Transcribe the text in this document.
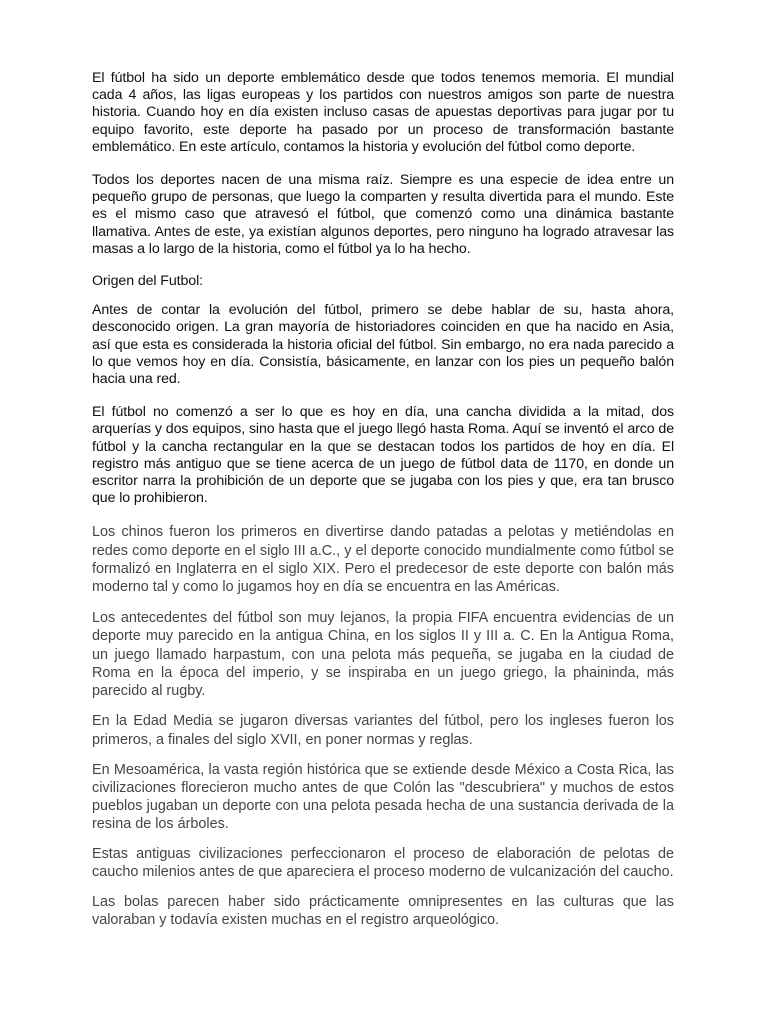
El fútbol ha sido un deporte emblemático desde que todos tenemos memoria. El mundial cada 4 años, las ligas europeas y los partidos con nuestros amigos son parte de nuestra historia. Cuando hoy en día existen incluso casas de apuestas deportivas para jugar por tu equipo favorito, este deporte ha pasado por un proceso de transformación bastante emblemático. En este artículo, contamos la historia y evolución del fútbol como deporte.

Todos los deportes nacen de una misma raíz. Siempre es una especie de idea entre un pequeño grupo de personas, que luego la comparten y resulta divertida para el mundo. Este es el mismo caso que atravesó el fútbol, que comenzó como una dinámica bastante llamativa. Antes de este, ya existían algunos deportes, pero ninguno ha logrado atravesar las masas a lo largo de la historia, como el fútbol ya lo ha hecho.

Origen del Futbol:

Antes de contar la evolución del fútbol, primero se debe hablar de su, hasta ahora, desconocido origen. La gran mayoría de historiadores coinciden en que ha nacido en Asia, así que esta es considerada la historia oficial del fútbol. Sin embargo, no era nada parecido a lo que vemos hoy en día. Consistía, básicamente, en lanzar con los pies un pequeño balón hacia una red.

El fútbol no comenzó a ser lo que es hoy en día, una cancha dividida a la mitad, dos arquerías y dos equipos, sino hasta que el juego llegó hasta Roma. Aquí se inventó el arco de fútbol y la cancha rectangular en la que se destacan todos los partidos de hoy en día. El registro más antiguo que se tiene acerca de un juego de fútbol data de 1170, en donde un escritor narra la prohibición de un deporte que se jugaba con los pies y que, era tan brusco que lo prohibieron.

Los chinos fueron los primeros en divertirse dando patadas a pelotas y metiéndolas en redes como deporte en el siglo III a.C., y el deporte conocido mundialmente como fútbol se formalizó en Inglaterra en el siglo XIX. Pero el predecesor de este deporte con balón más moderno tal y como lo jugamos hoy en día se encuentra en las Américas.

Los antecedentes del fútbol son muy lejanos, la propia FIFA encuentra evidencias de un deporte muy parecido en la antigua China, en los siglos II y III a. C. En la Antigua Roma, un juego llamado harpastum, con una pelota más pequeña, se jugaba en la ciudad de Roma en la época del imperio, y se inspiraba en un juego griego, la phaininda, más parecido al rugby.

En la Edad Media se jugaron diversas variantes del fútbol, pero los ingleses fueron los primeros, a finales del siglo XVII, en poner normas y reglas.

En Mesoamérica, la vasta región histórica que se extiende desde México a Costa Rica, las civilizaciones florecieron mucho antes de que Colón las "descubriera" y muchos de estos pueblos jugaban un deporte con una pelota pesada hecha de una sustancia derivada de la resina de los árboles.

Estas antiguas civilizaciones perfeccionaron el proceso de elaboración de pelotas de caucho milenios antes de que apareciera el proceso moderno de vulcanización del caucho.

Las bolas parecen haber sido prácticamente omnipresentes en las culturas que las valoraban y todavía existen muchas en el registro arqueológico.
